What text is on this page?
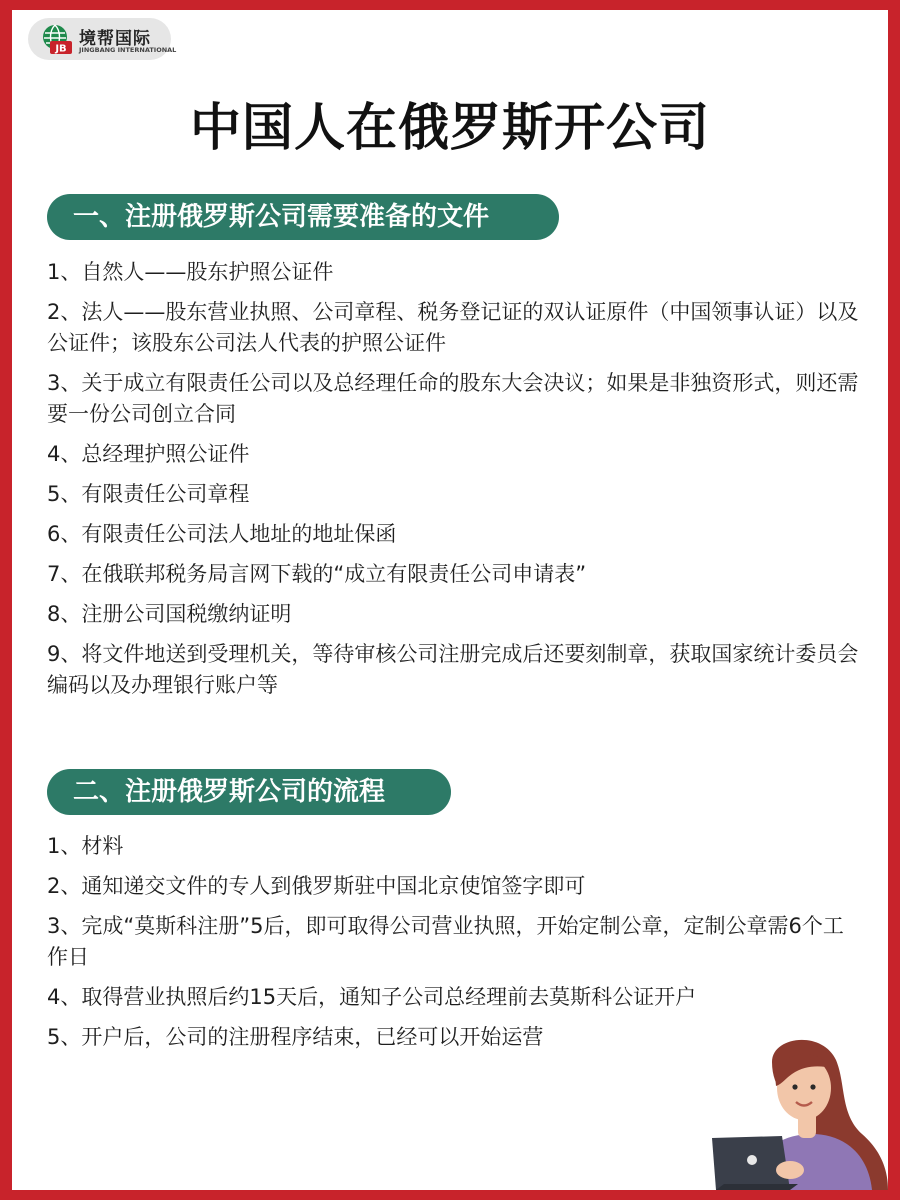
JB 境帮国际
JINGBANG INTERNATIONAL
中国人在俄罗斯开公司
一、注册俄罗斯公司需要准备的文件
1、自然人——股东护照公证件
2、法人——股东营业执照、公司章程、税务登记证的双认证原件（中国领事认证）以及公证件；该股东公司法人代表的护照公证件
3、关于成立有限责任公司以及总经理任命的股东大会决议；如果是非独资形式，则还需要一份公司创立合同
4、总经理护照公证件
5、有限责任公司章程
6、有限责任公司法人地址的地址保函
7、在俄联邦税务局言网下载的“成立有限责任公司申请表”
8、注册公司国税缴纳证明
9、将文件地送到受理机关，等待审核公司注册完成后还要刻制章，获取国家统计委员会编码以及办理银行账户等
二、注册俄罗斯公司的流程
1、材料
2、通知递交文件的专人到俄罗斯驻中国北京使馆签字即可
3、完成“莫斯科注册”5后，即可取得公司营业执照，开始定制公章，定制公章需6个工作日
4、取得营业执照后约15天后，通知子公司总经理前去莫斯科公证开户
5、开户后，公司的注册程序结束，已经可以开始运营
